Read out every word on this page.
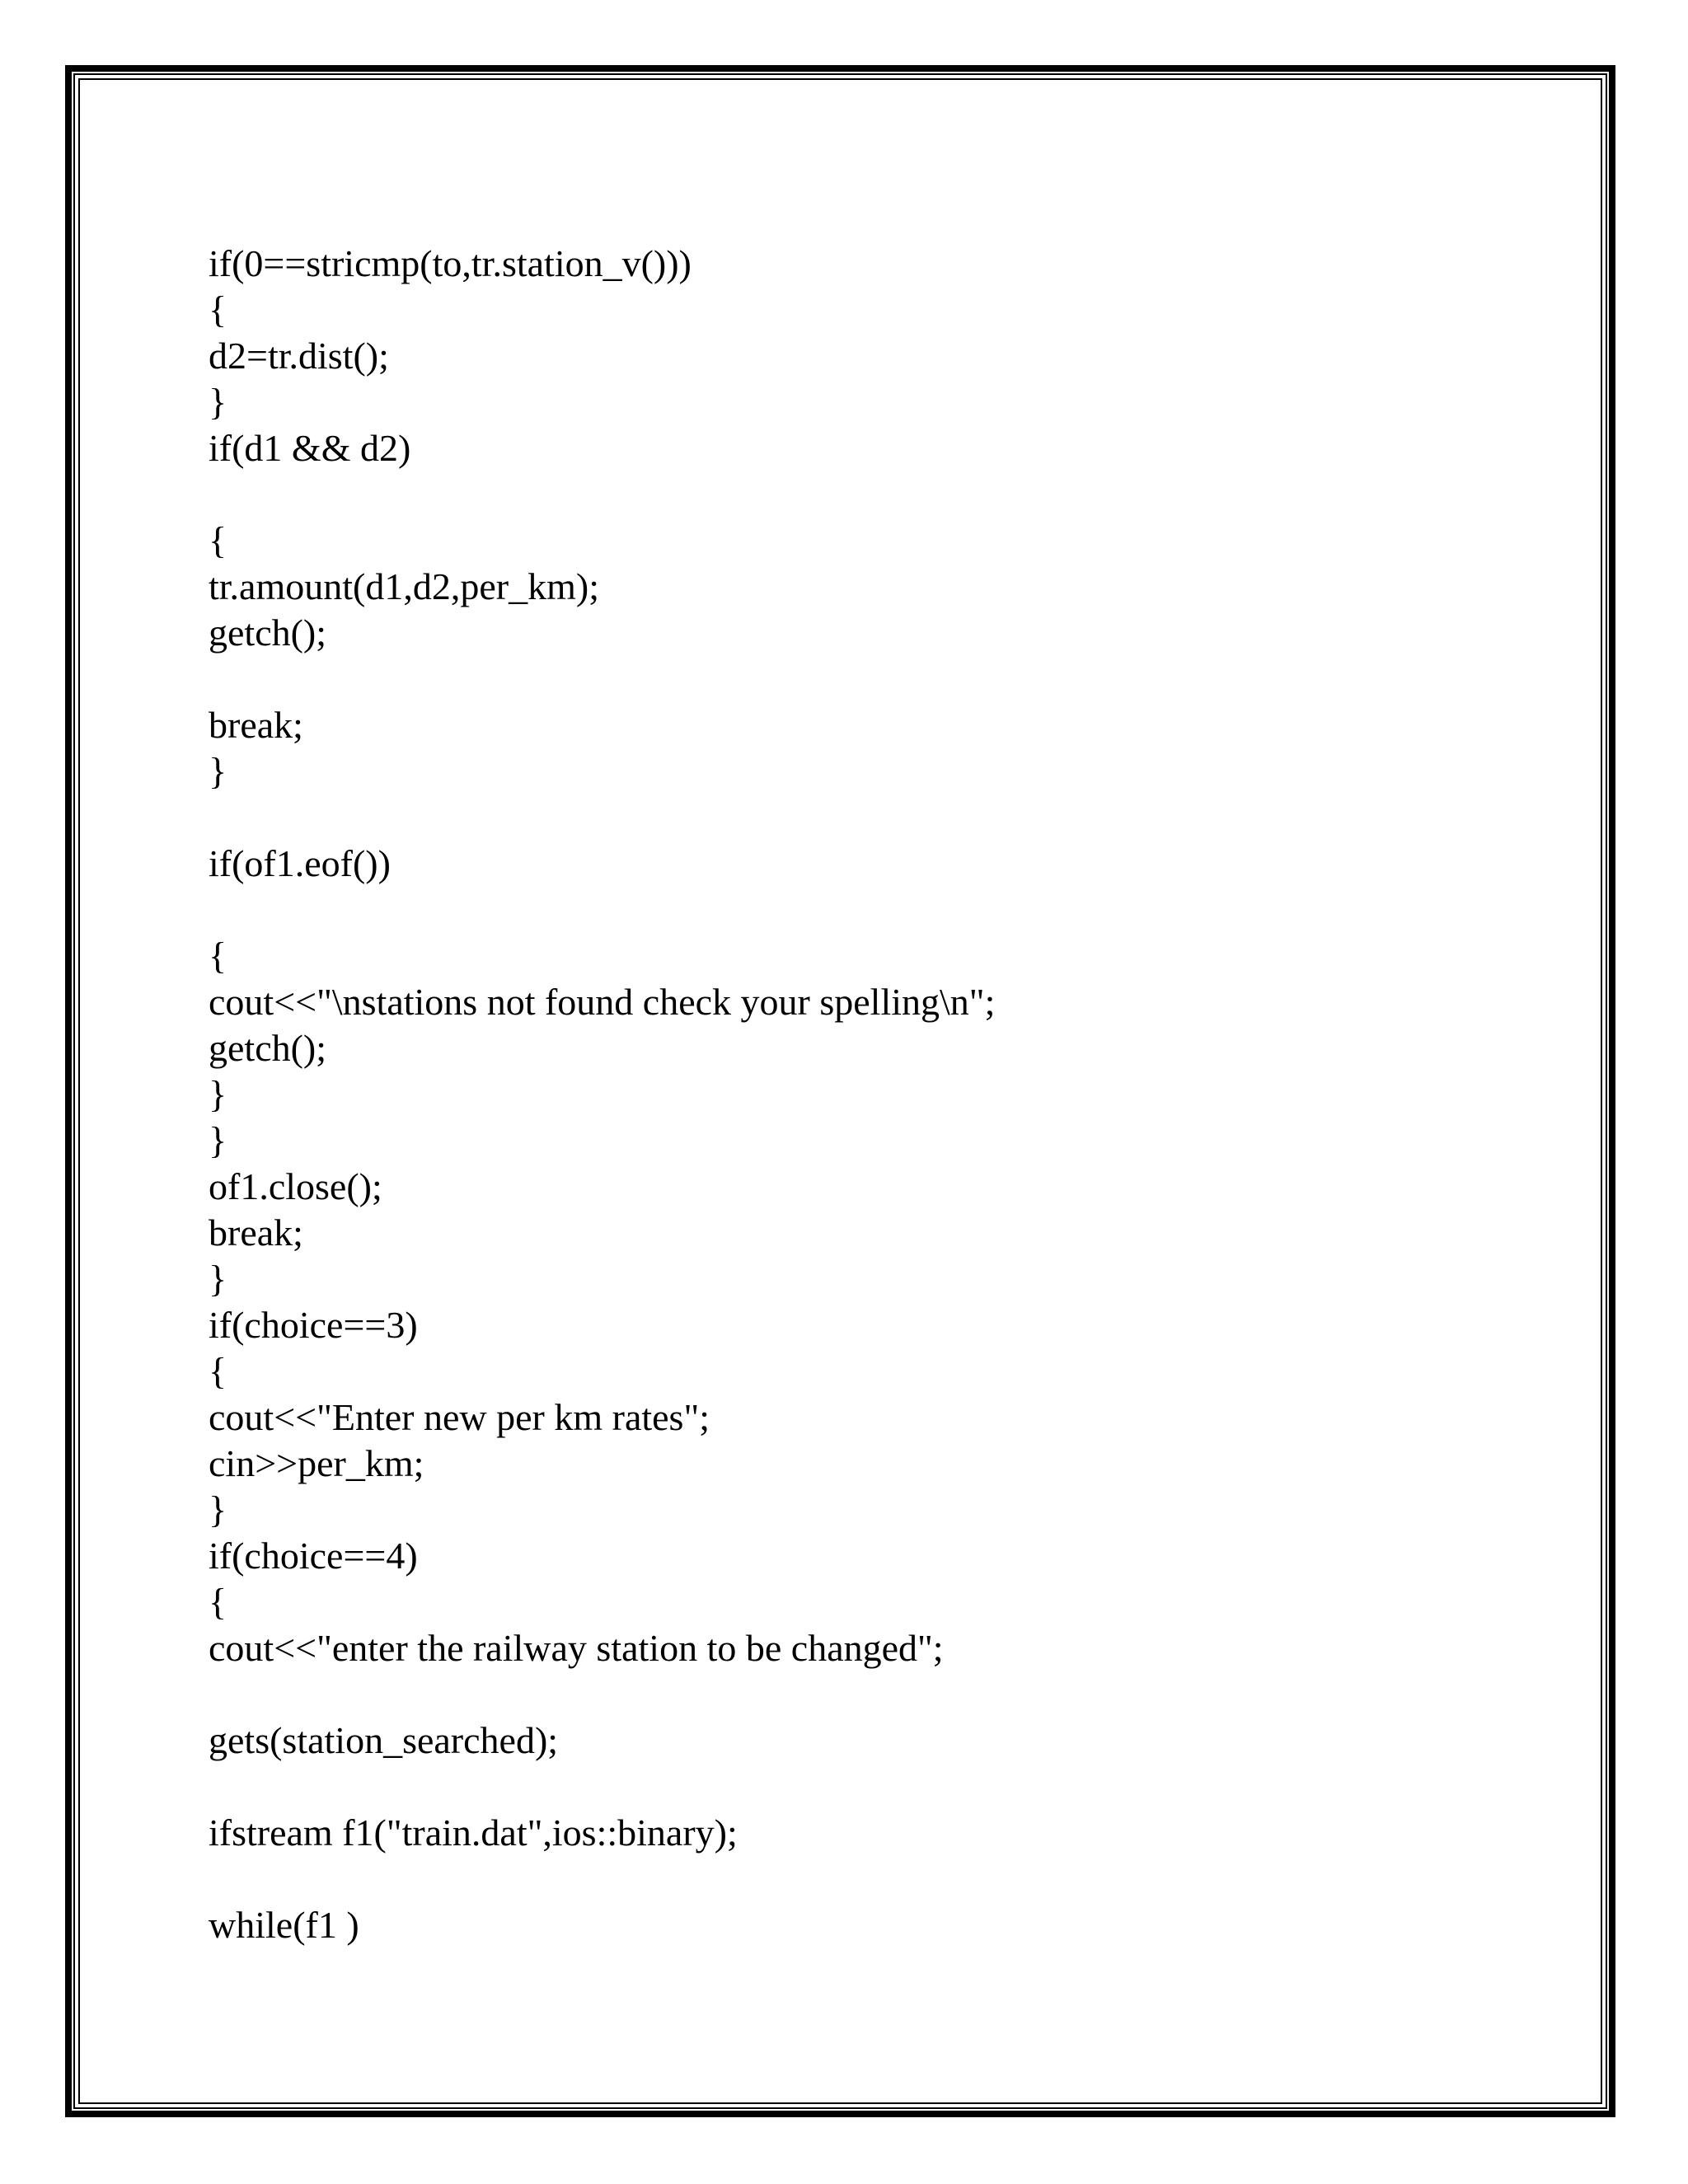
if(0==stricmp(to,tr.station_v()))
{
d2=tr.dist();
}
if(d1 && d2)
{
tr.amount(d1,d2,per_km);
getch();
break;
}
if(of1.eof())
{
cout<<"\nstations not found check your spelling\n";
getch();
}
}
of1.close();
break;
}
if(choice==3)
{
cout<<"Enter new per km rates";
cin>>per_km;
}
if(choice==4)
{
cout<<"enter the railway station to be changed";
gets(station_searched);
ifstream f1("train.dat",ios::binary);
while(f1 )
